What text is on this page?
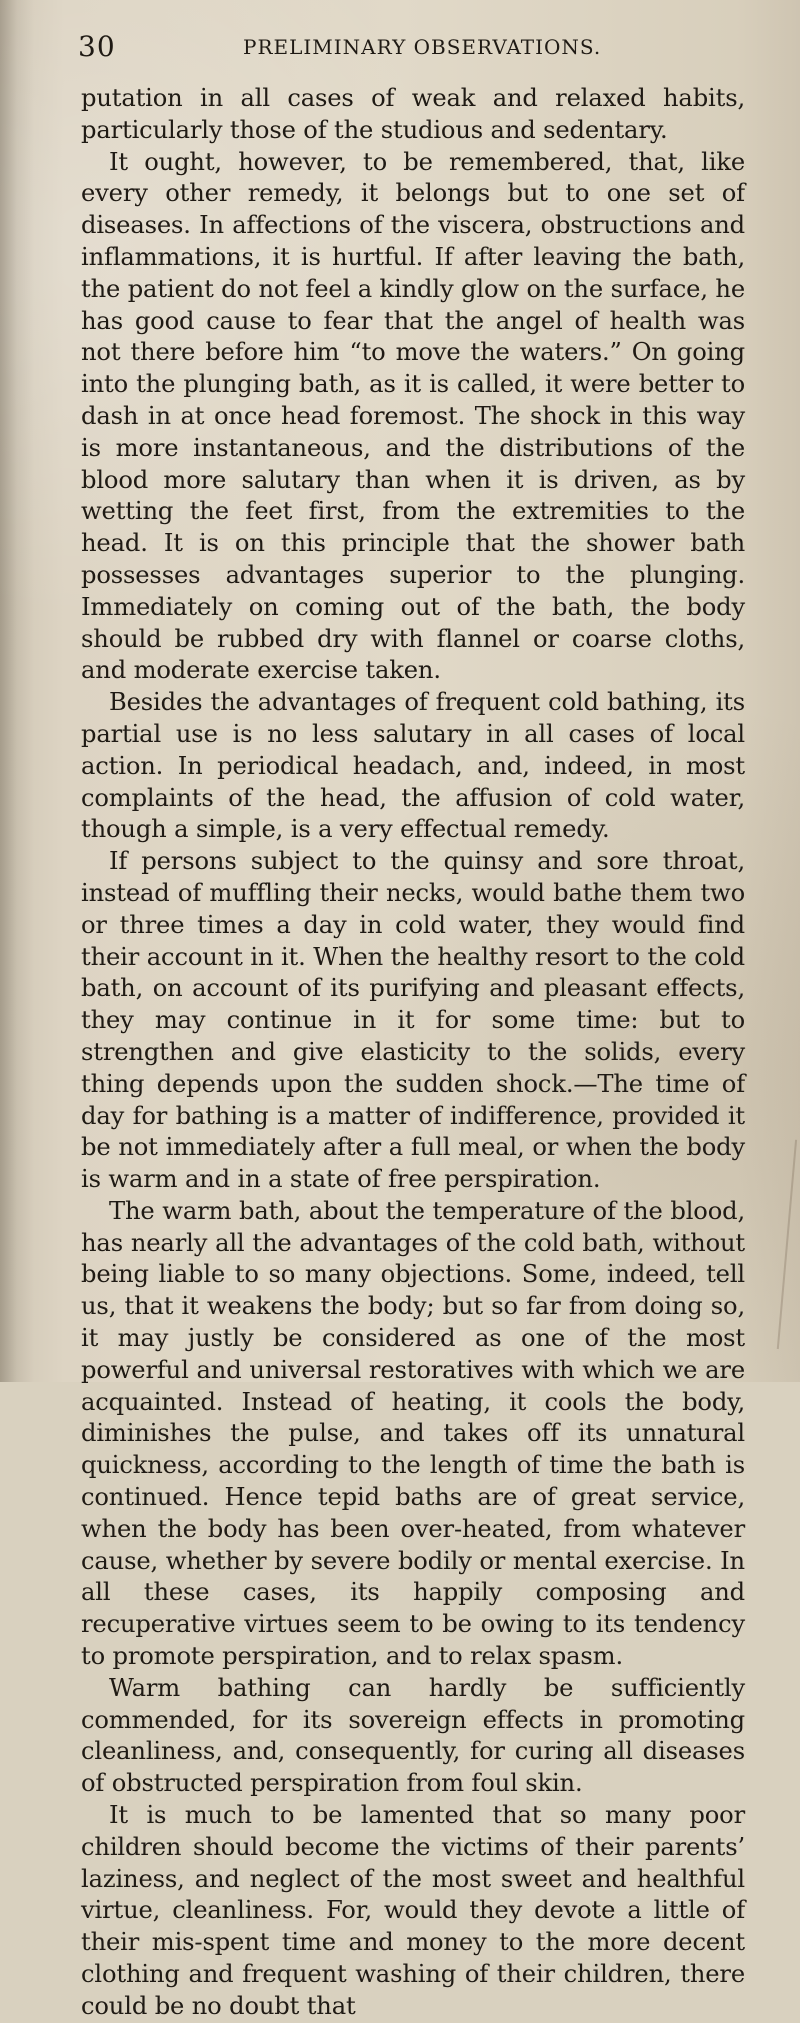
30	PRELIMINARY OBSERVATIONS.

putation in all cases of weak and relaxed habits, particularly those of the studious and sedentary.

It ought, however, to be remembered, that, like every other remedy, it belongs but to one set of diseases. In affections of the viscera, obstructions and inflammations, it is hurtful. If after leaving the bath, the patient do not feel a kindly glow on the surface, he has good cause to fear that the angel of health was not there before him “to move the waters.” On going into the plunging bath, as it is called, it were better to dash in at once head foremost. The shock in this way is more instantaneous, and the distributions of the blood more salutary than when it is driven, as by wetting the feet first, from the extremities to the head. It is on this principle that the shower bath possesses advantages superior to the plunging. Immediately on coming out of the bath, the body should be rubbed dry with flannel or coarse cloths, and moderate exercise taken.

Besides the advantages of frequent cold bathing, its partial use is no less salutary in all cases of local action. In periodical headach, and, indeed, in most complaints of the head, the affusion of cold water, though a simple, is a very effectual remedy.

If persons subject to the quinsy and sore throat, instead of muffling their necks, would bathe them two or three times a day in cold water, they would find their account in it. When the healthy resort to the cold bath, on account of its purifying and pleasant effects, they may continue in it for some time: but to strengthen and give elasticity to the solids, every thing depends upon the sudden shock.—The time of day for bathing is a matter of indifference, provided it be not immediately after a full meal, or when the body is warm and in a state of free perspiration.

The warm bath, about the temperature of the blood, has nearly all the advantages of the cold bath, without being liable to so many objections. Some, indeed, tell us, that it weakens the body; but so far from doing so, it may justly be considered as one of the most powerful and universal restoratives with which we are acquainted. Instead of heating, it cools the body, diminishes the pulse, and takes off its unnatural quickness, according to the length of time the bath is continued. Hence tepid baths are of great service, when the body has been over-heated, from whatever cause, whether by severe bodily or mental exercise. In all these cases, its happily composing and recuperative virtues seem to be owing to its tendency to promote perspiration, and to relax spasm.

Warm bathing can hardly be sufficiently commended, for its sovereign effects in promoting cleanliness, and, consequently, for curing all diseases of obstructed perspiration from foul skin.

It is much to be lamented that so many poor children should become the victims of their parents’ laziness, and neglect of the most sweet and healthful virtue, cleanliness. For, would they devote a little of their mis-spent time and money to the more decent clothing and frequent washing of their children, there could be no doubt that
